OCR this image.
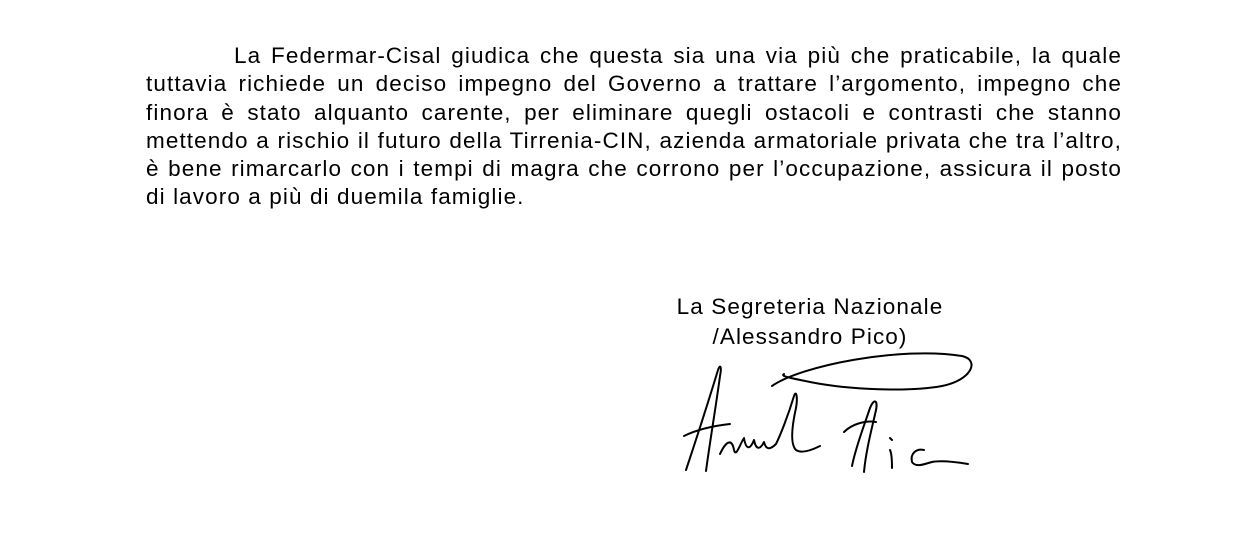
La Federmar-Cisal giudica che questa sia una via più che praticabile, la quale tuttavia richiede un deciso impegno del Governo a trattare l’argomento, impegno che finora è stato alquanto carente, per eliminare quegli ostacoli e contrasti che stanno mettendo a rischio il futuro della Tirrenia-CIN, azienda armatoriale privata che tra l’altro, è bene rimarcarlo con i tempi di magra che corrono per l’occupazione, assicura il posto di lavoro a più di duemila famiglie.

La Segreteria Nazionale
/Alessandro Pico)
